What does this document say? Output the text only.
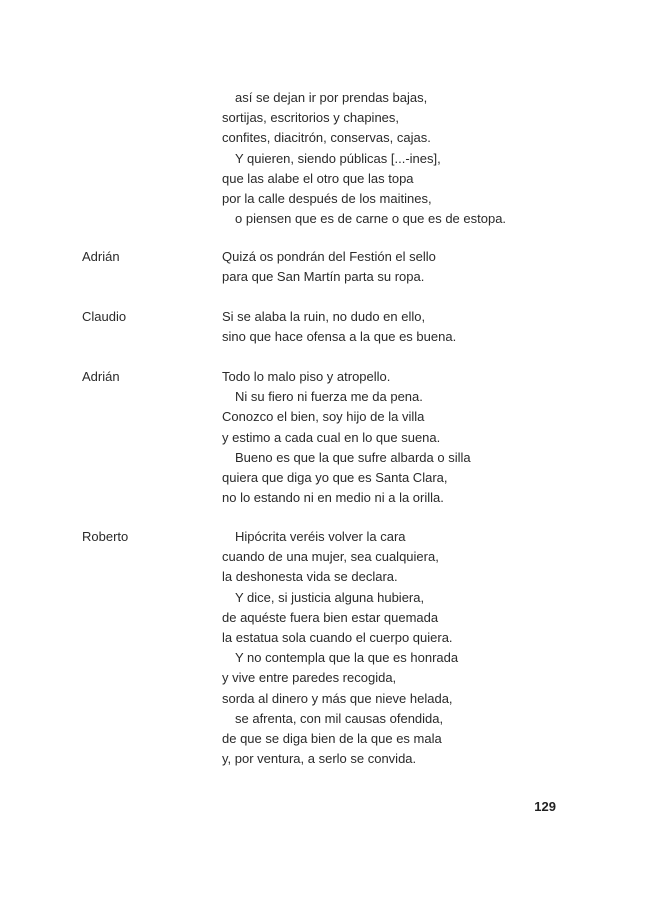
así se dejan ir por prendas bajas,
sortijas, escritorios y chapines,
confites, diacitrón, conservas, cajas.
Y quieren, siendo públicas [...-ines],
que las alabe el otro que las topa
por la calle después de los maitines,
o piensen que es de carne o que es de estopa.
Adrián	Quizá os pondrán del Festión el sello
para que San Martín parta su ropa.
Claudio	Si se alaba la ruin, no dudo en ello,
sino que hace ofensa a la que es buena.
Adrián	Todo lo malo piso y atropello.
Ni su fiero ni fuerza me da pena.
Conozco el bien, soy hijo de la villa
y estimo a cada cual en lo que suena.
Bueno es que la que sufre albarda o silla
quiera que diga yo que es Santa Clara,
no lo estando ni en medio ni a la orilla.
Roberto	Hipócrita veréis volver la cara
cuando de una mujer, sea cualquiera,
la deshonesta vida se declara.
Y dice, si justicia alguna hubiera,
de aquéste fuera bien estar quemada
la estatua sola cuando el cuerpo quiera.
Y no contempla que la que es honrada
y vive entre paredes recogida,
sorda al dinero y más que nieve helada,
se afrenta, con mil causas ofendida,
de que se diga bien de la que es mala
y, por ventura, a serlo se convida.
129
